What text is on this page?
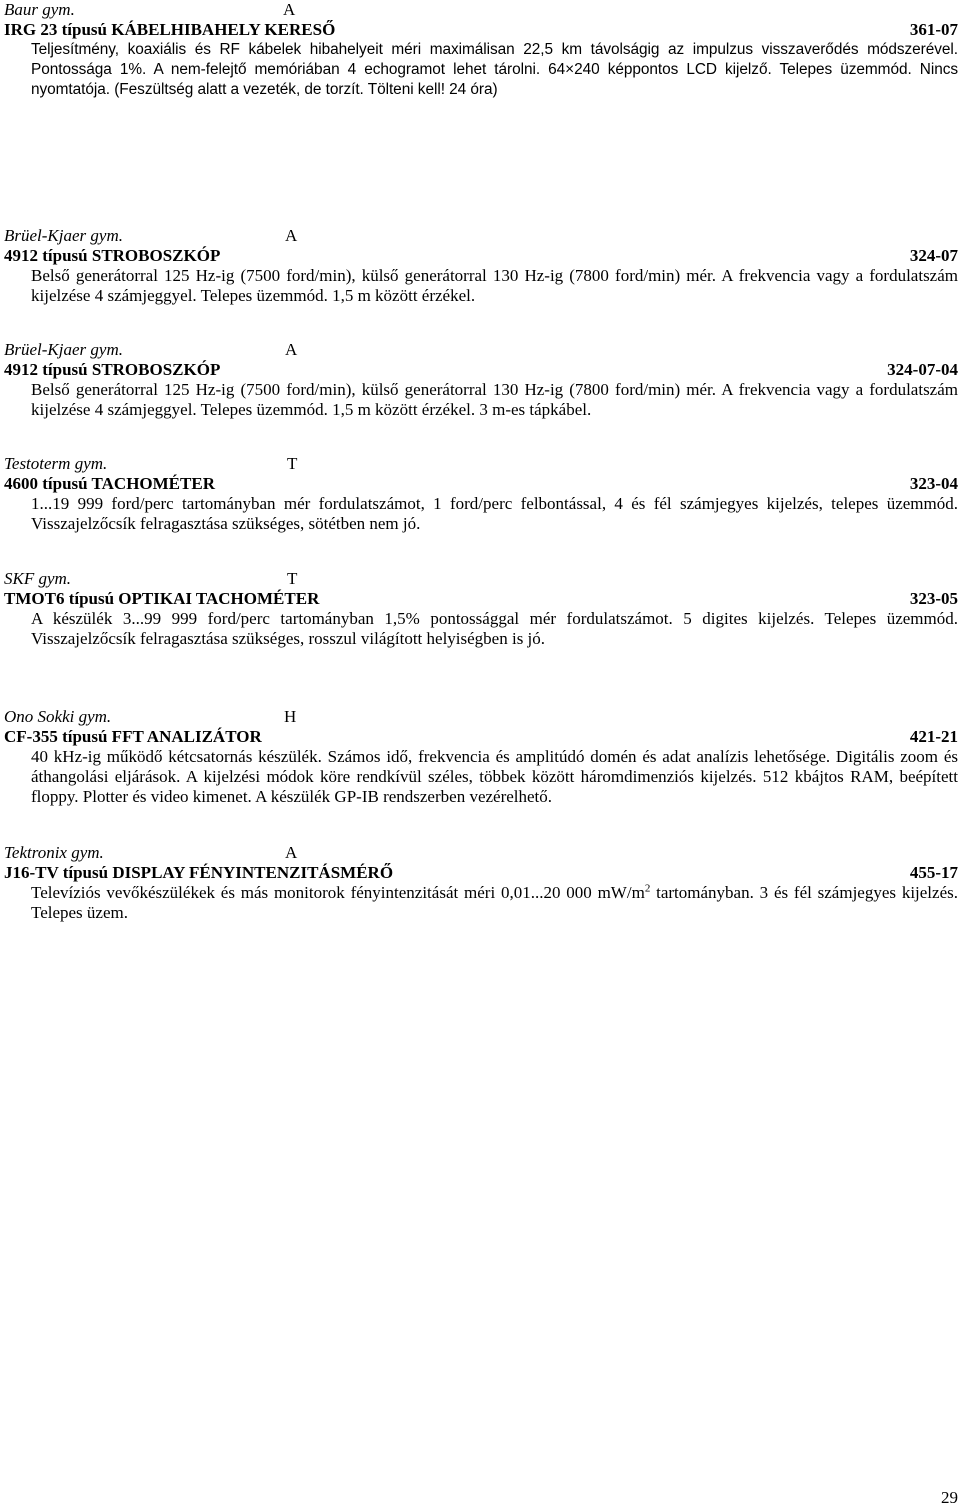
Baur gym.	A
IRG 23 típusú KÁBELHIBAHELY KERESŐ	361-07

Teljesítmény, koaxiális és RF kábelek hibahelyeit méri maximálisan 22,5 km távolságig az impulzus visszaverődés módszerével. Pontossága 1%. A nem-felejtő memóriában 4 echogramot lehet tárolni. 64×240 képpontos LCD kijelző. Telepes üzemmód. Nincs nyomtatója. (Feszültség alatt a vezeték, de torzít. Tölteni kell! 24 óra)

Brüel-Kjaer gym.	A
4912 típusú STROBOSZKÓP	324-07

Belső generátorral 125 Hz-ig (7500 ford/min), külső generátorral 130 Hz-ig (7800 ford/min) mér. A frekvencia vagy a fordulatszám kijelzése 4 számjeggyel. Telepes üzemmód. 1,5 m között érzékel.

Brüel-Kjaer gym.	A
4912 típusú STROBOSZKÓP	324-07-04

Belső generátorral 125 Hz-ig (7500 ford/min), külső generátorral 130 Hz-ig (7800 ford/min) mér. A frekvencia vagy a fordulatszám kijelzése 4 számjeggyel. Telepes üzemmód. 1,5 m között érzékel. 3 m-es tápkábel.

Testoterm gym.	T
4600 típusú TACHOMÉTER	323-04

1...19 999 ford/perc tartományban mér fordulatszámot, 1 ford/perc felbontással, 4 és fél számjegyes kijelzés, telepes üzemmód. Visszajelzőcsík felragasztása szükséges, sötétben nem jó.

SKF gym.	T
TMOT6 típusú OPTIKAI TACHOMÉTER	323-05

A készülék 3...99 999 ford/perc tartományban 1,5% pontossággal mér fordulatszámot. 5 digites kijelzés. Telepes üzemmód. Visszajelzőcsík felragasztása szükséges, rosszul világított helyiségben is jó.

Ono Sokki gym.	H
CF-355 típusú FFT ANALIZÁTOR	421-21

40 kHz-ig működő kétcsatornás készülék. Számos idő, frekvencia és amplitúdó domén és adat analízis lehetősége. Digitális zoom és áthangolási eljárások. A kijelzési módok köre rendkívül széles, többek között háromdimenziós kijelzés. 512 kbájtos RAM, beépített floppy. Plotter és video kimenet. A készülék GP-IB rendszerben vezérelhető.

Tektronix gym.	A
J16-TV típusú DISPLAY FÉNYINTENZITÁSMÉRŐ	455-17

Televíziós vevőkészülékek és más monitorok fényintenzitását méri 0,01...20 000 $mW/m^2$ tartományban. 3 és fél számjegyes kijelzés. Telepes üzem.

29
